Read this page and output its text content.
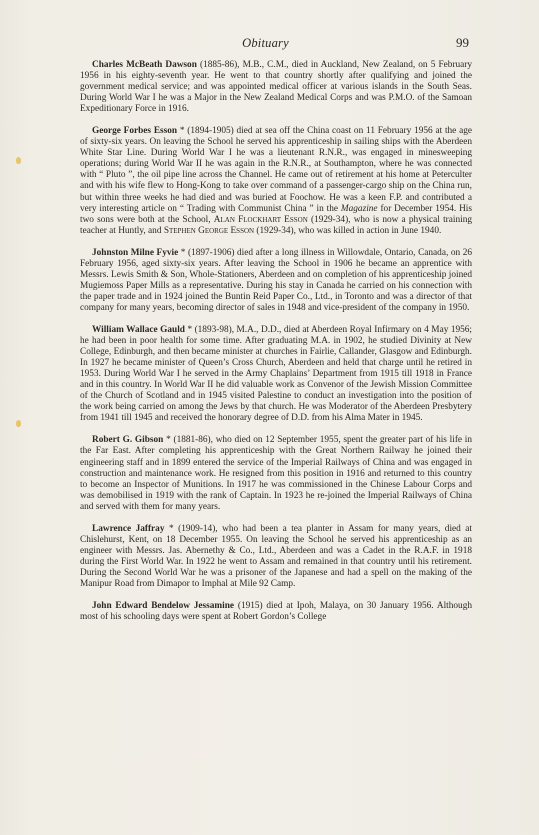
Obituary	99

Charles McBeath Dawson (1885-86), M.B., C.M., died in Auckland, New Zealand, on 5 February 1956 in his eighty-seventh year. He went to that country shortly after qualifying and joined the government medical service; and was appointed medical officer at various islands in the South Seas. During World War I he was a Major in the New Zealand Medical Corps and was P.M.O. of the Samoan Expeditionary Force in 1916.

George Forbes Esson * (1894-1905) died at sea off the China coast on 11 February 1956 at the age of sixty-six years. On leaving the School he served his apprenticeship in sailing ships with the Aberdeen White Star Line. During World War I he was a lieutenant R.N.R., was engaged in minesweeping operations; during World War II he was again in the R.N.R., at Southampton, where he was connected with “ Pluto ”, the oil pipe line across the Channel. He came out of retirement at his home at Peterculter and with his wife flew to Hong-Kong to take over command of a passenger-cargo ship on the China run, but within three weeks he had died and was buried at Foochow. He was a keen F.P. and contributed a very interesting article on “ Trading with Communist China ” in the Magazine for December 1954. His two sons were both at the School, Alan Flockhart Esson (1929-34), who is now a physical training teacher at Huntly, and Stephen George Esson (1929-34), who was killed in action in June 1940.

Johnston Milne Fyvie * (1897-1906) died after a long illness in Willowdale, Ontario, Canada, on 26 February 1956, aged sixty-six years. After leaving the School in 1906 he became an apprentice with Messrs. Lewis Smith & Son, Whole-Stationers, Aberdeen and on completion of his apprenticeship joined Mugiemoss Paper Mills as a representative. During his stay in Canada he carried on his connection with the paper trade and in 1924 joined the Buntin Reid Paper Co., Ltd., in Toronto and was a director of that company for many years, becoming director of sales in 1948 and vice-president of the company in 1950.

William Wallace Gauld * (1893-98), M.A., D.D., died at Aberdeen Royal Infirmary on 4 May 1956; he had been in poor health for some time. After graduating M.A. in 1902, he studied Divinity at New College, Edinburgh, and then became minister at churches in Fairlie, Callander, Glasgow and Edinburgh. In 1927 he became minister of Queen’s Cross Church, Aberdeen and held that charge until he retired in 1953. During World War I he served in the Army Chaplains’ Department from 1915 till 1918 in France and in this country. In World War II he did valuable work as Convenor of the Jewish Mission Committee of the Church of Scotland and in 1945 visited Palestine to conduct an investigation into the position of the work being carried on among the Jews by that church. He was Moderator of the Aberdeen Presbytery from 1941 till 1945 and received the honorary degree of D.D. from his Alma Mater in 1945.

Robert G. Gibson * (1881-86), who died on 12 September 1955, spent the greater part of his life in the Far East. After completing his apprenticeship with the Great Northern Railway he joined their engineering staff and in 1899 entered the service of the Imperial Railways of China and was engaged in construction and maintenance work. He resigned from this position in 1916 and returned to this country to become an Inspector of Munitions. In 1917 he was commissioned in the Chinese Labour Corps and was demobilised in 1919 with the rank of Captain. In 1923 he re-joined the Imperial Railways of China and served with them for many years.

Lawrence Jaffray * (1909-14), who had been a tea planter in Assam for many years, died at Chislehurst, Kent, on 18 December 1955. On leaving the School he served his apprenticeship as an engineer with Messrs. Jas. Abernethy & Co., Ltd., Aberdeen and was a Cadet in the R.A.F. in 1918 during the First World War. In 1922 he went to Assam and remained in that country until his retirement. During the Second World War he was a prisoner of the Japanese and had a spell on the making of the Manipur Road from Dimapor to Imphal at Mile 92 Camp.

John Edward Bendelow Jessamine (1915) died at Ipoh, Malaya, on 30 January 1956. Although most of his schooling days were spent at Robert Gordon’s College
